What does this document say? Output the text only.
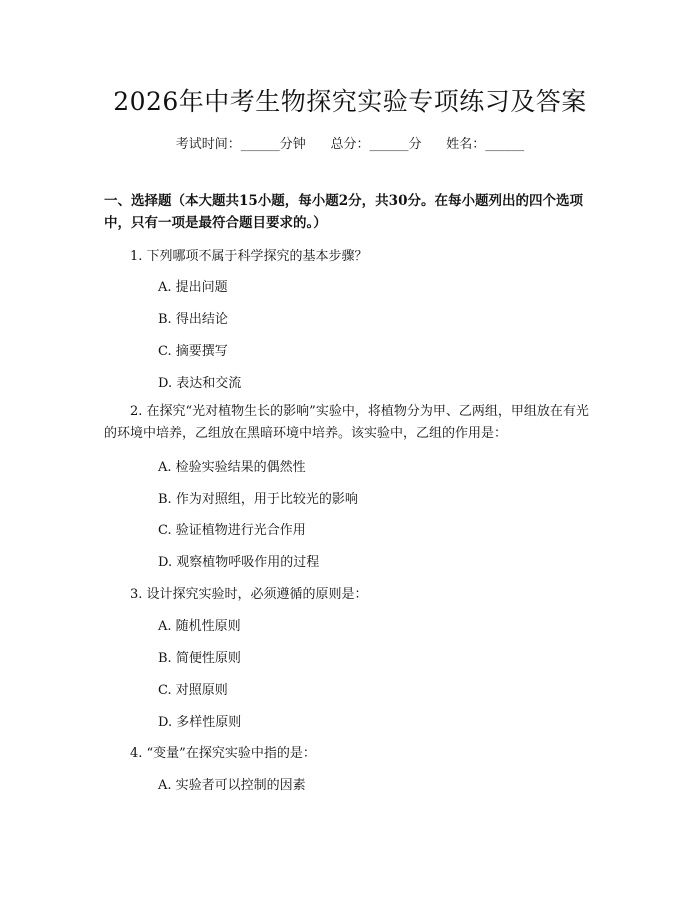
2026年中考生物探究实验专项练习及答案
考试时间：______分钟      总分：______分      姓名：______
一、选择题（本大题共15小题，每小题2分，共30分。在每小题列出的四个选项中，只有一项是最符合题目要求的。）
1. 下列哪项不属于科学探究的基本步骤？
A. 提出问题
B. 得出结论
C. 摘要撰写
D. 表达和交流
2. 在探究“光对植物生长的影响”实验中，将植物分为甲、乙两组，甲组放在有光的环境中培养，乙组放在黑暗环境中培养。该实验中，乙组的作用是：
A. 检验实验结果的偶然性
B. 作为对照组，用于比较光的影响
C. 验证植物进行光合作用
D. 观察植物呼吸作用的过程
3. 设计探究实验时，必须遵循的原则是：
A. 随机性原则
B. 简便性原则
C. 对照原则
D. 多样性原则
4. “变量”在探究实验中指的是：
A. 实验者可以控制的因素
